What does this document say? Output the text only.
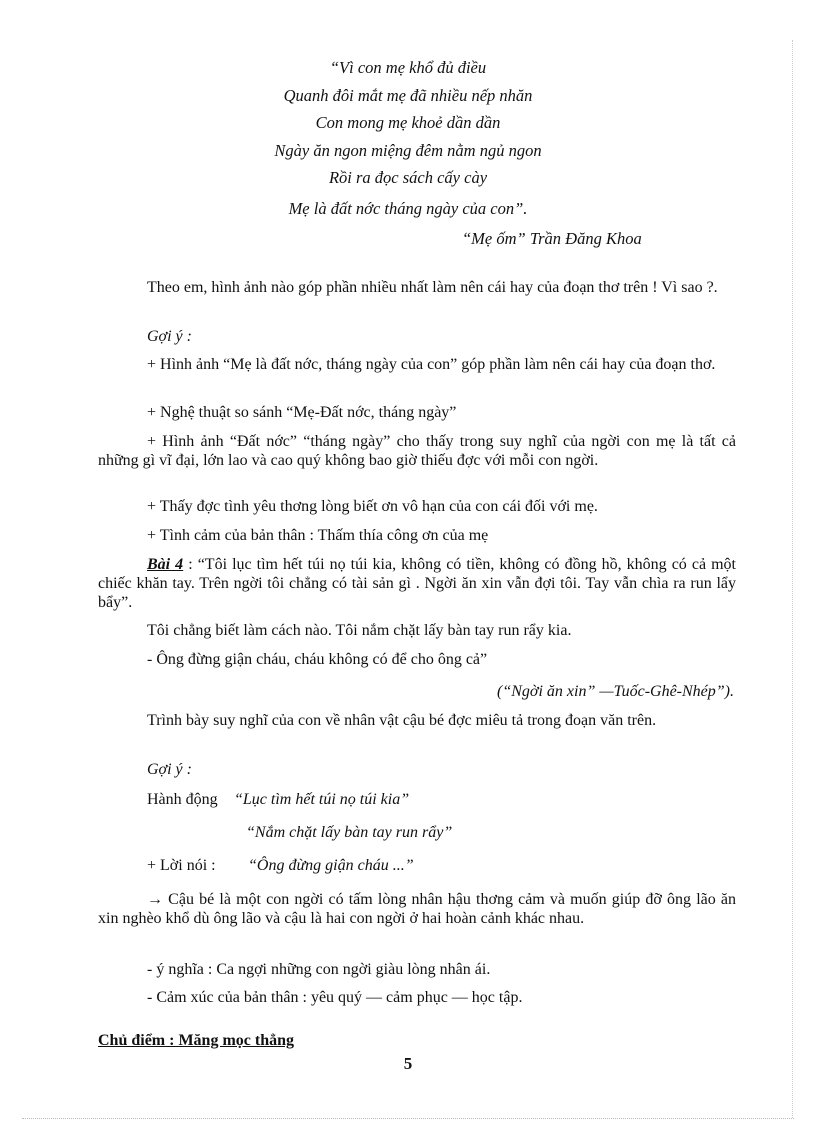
“Vì con mẹ khổ đủ điều
Quanh đôi mắt mẹ đã nhiều nếp nhăn
Con mong mẹ khoẻ dần dần
Ngày ăn ngon miệng đêm nằm ngủ ngon
Rồi ra đọc sách cấy cày
Mẹ là đất nớc tháng ngày của con”.
“Mẹ ốm” Trần Đăng Khoa
Theo em, hình ảnh nào góp phần nhiều nhất làm nên cái hay của đoạn thơ trên ! Vì sao ?.
Gợi ý :
+ Hình ảnh “Mẹ là đất nớc, tháng ngày của con” góp phần làm nên cái hay của đoạn thơ.
+ Nghệ thuật so sánh “Mẹ-Đất nớc, tháng ngày”
+ Hình ảnh “Đất nớc” “tháng ngày” cho thấy trong suy nghĩ của ngời con mẹ là tất cả những gì vĩ đại, lớn lao và cao quý không bao giờ thiếu đợc với mỗi con ngời.
+ Thấy đợc tình yêu thơng lòng biết ơn vô hạn của con cái đối với mẹ.
+ Tình cảm của bản thân : Thấm thía công ơn của mẹ
Bài 4 : “Tôi lục tìm hết túi nọ túi kia, không có tiền, không có đồng hồ, không có cả một chiếc khăn tay. Trên ngời tôi chẳng có tài sản gì . Ngời ăn xin vẫn đợi tôi. Tay vẫn chìa ra run lẩy bẩy”.
Tôi chẳng biết làm cách nào. Tôi nắm chặt lấy bàn tay run rẩy kia.
- Ông đừng giận cháu, cháu không có để cho ông cả”
(“Ngời ăn xin” —Tuốc-Ghê-Nhép”).
Trình bày suy nghĩ của con về nhân vật cậu bé đợc miêu tả trong đoạn văn trên.
Gợi ý :
Hành động “Lục tìm hết túi nọ túi kia”
“Nắm chặt lấy bàn tay run rẩy”
+ Lời nói : “Ông đừng giận cháu ...”
→ Cậu bé là một con ngời có tấm lòng nhân hậu thơng cảm và muốn giúp đỡ ông lão ăn xin nghèo khổ dù ông lão và cậu là hai con ngời ở hai hoàn cảnh khác nhau.
- ý nghĩa : Ca ngợi những con ngời giàu lòng nhân ái.
- Cảm xúc của bản thân : yêu quý — cảm phục — học tập.
Chủ điểm : Măng mọc thẳng
5
